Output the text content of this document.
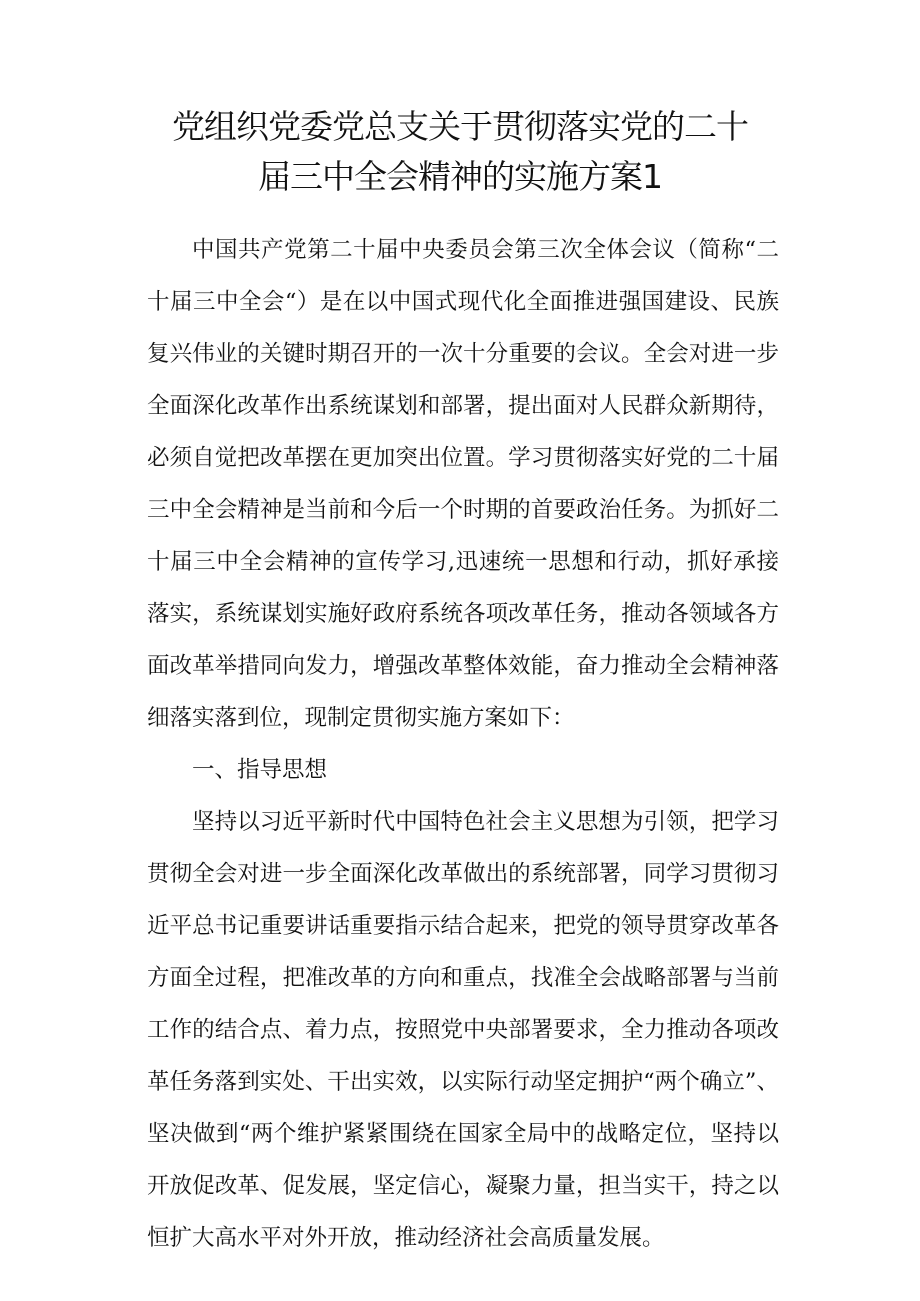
党组织党委党总支关于贯彻落实党的二十
届三中全会精神的实施方案1

中国共产党第二十届中央委员会第三次全体会议（简称“二十届三中全会“）是在以中国式现代化全面推进强国建设、民族复兴伟业的关键时期召开的一次十分重要的会议。全会对进一步全面深化改革作出系统谋划和部署，提出面对人民群众新期待，必须自觉把改革摆在更加突出位置。学习贯彻落实好党的二十届三中全会精神是当前和今后一个时期的首要政治任务。为抓好二十届三中全会精神的宣传学习,迅速统一思想和行动，抓好承接落实，系统谋划实施好政府系统各项改革任务，推动各领域各方面改革举措同向发力，增强改革整体效能，奋力推动全会精神落细落实落到位，现制定贯彻实施方案如下：

一、指导思想

坚持以习近平新时代中国特色社会主义思想为引领，把学习贯彻全会对进一步全面深化改革做出的系统部署，同学习贯彻习近平总书记重要讲话重要指示结合起来，把党的领导贯穿改革各方面全过程，把准改革的方向和重点，找准全会战略部署与当前工作的结合点、着力点，按照党中央部署要求，全力推动各项改革任务落到实处、干出实效，以实际行动坚定拥护“两个确立”、坚决做到“两个维护紧紧围绕在国家全局中的战略定位，坚持以开放促改革、促发展，坚定信心，凝聚力量，担当实干，持之以恒扩大高水平对外开放，推动经济社会高质量发展。
